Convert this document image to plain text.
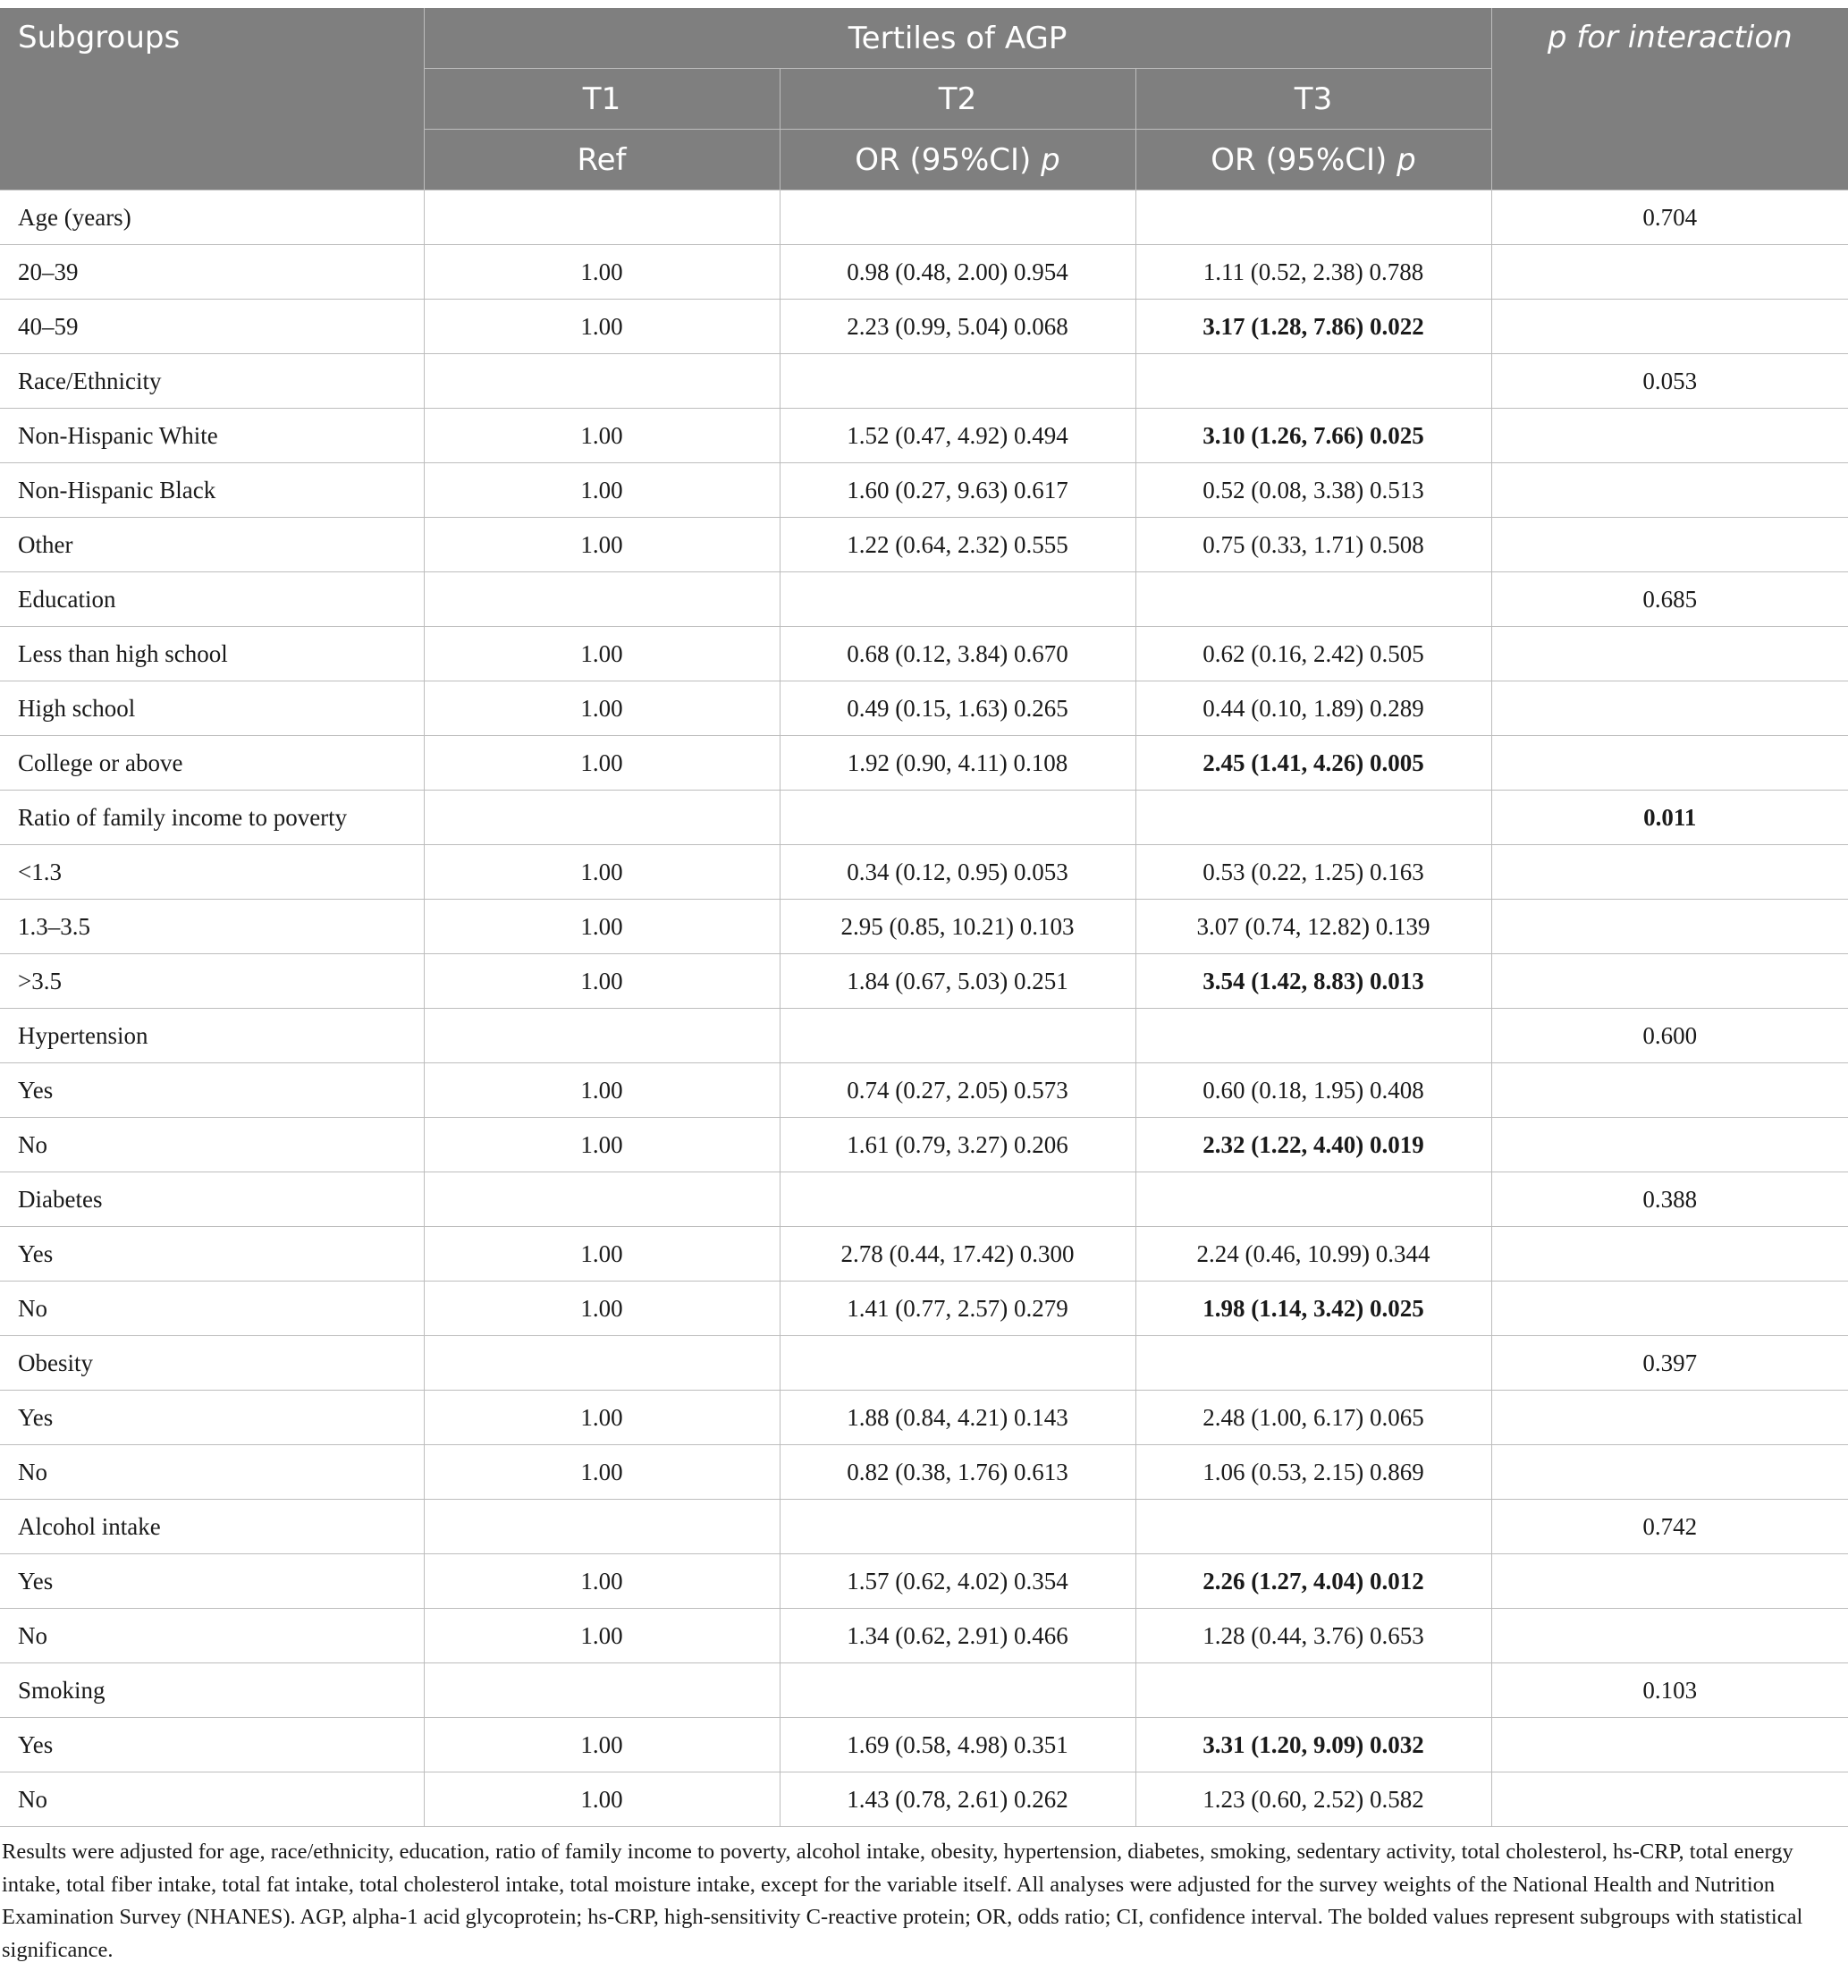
Subgroups	Tertiles of AGP			p for interaction
	T1	T2	T3	
	Ref	OR (95%CI) p	OR (95%CI) p	
Age (years)				0.704
20–39	1.00	0.98 (0.48, 2.00) 0.954	1.11 (0.52, 2.38) 0.788	
40–59	1.00	2.23 (0.99, 5.04) 0.068	3.17 (1.28, 7.86) 0.022	
Race/Ethnicity				0.053
Non-Hispanic White	1.00	1.52 (0.47, 4.92) 0.494	3.10 (1.26, 7.66) 0.025	
Non-Hispanic Black	1.00	1.60 (0.27, 9.63) 0.617	0.52 (0.08, 3.38) 0.513	
Other	1.00	1.22 (0.64, 2.32) 0.555	0.75 (0.33, 1.71) 0.508	
Education				0.685
Less than high school	1.00	0.68 (0.12, 3.84) 0.670	0.62 (0.16, 2.42) 0.505	
High school	1.00	0.49 (0.15, 1.63) 0.265	0.44 (0.10, 1.89) 0.289	
College or above	1.00	1.92 (0.90, 4.11) 0.108	2.45 (1.41, 4.26) 0.005	
Ratio of family income to poverty				0.011
<1.3	1.00	0.34 (0.12, 0.95) 0.053	0.53 (0.22, 1.25) 0.163	
1.3–3.5	1.00	2.95 (0.85, 10.21) 0.103	3.07 (0.74, 12.82) 0.139	
>3.5	1.00	1.84 (0.67, 5.03) 0.251	3.54 (1.42, 8.83) 0.013	
Hypertension				0.600
Yes	1.00	0.74 (0.27, 2.05) 0.573	0.60 (0.18, 1.95) 0.408	
No	1.00	1.61 (0.79, 3.27) 0.206	2.32 (1.22, 4.40) 0.019	
Diabetes				0.388
Yes	1.00	2.78 (0.44, 17.42) 0.300	2.24 (0.46, 10.99) 0.344	
No	1.00	1.41 (0.77, 2.57) 0.279	1.98 (1.14, 3.42) 0.025	
Obesity				0.397
Yes	1.00	1.88 (0.84, 4.21) 0.143	2.48 (1.00, 6.17) 0.065	
No	1.00	0.82 (0.38, 1.76) 0.613	1.06 (0.53, 2.15) 0.869	
Alcohol intake				0.742
Yes	1.00	1.57 (0.62, 4.02) 0.354	2.26 (1.27, 4.04) 0.012	
No	1.00	1.34 (0.62, 2.91) 0.466	1.28 (0.44, 3.76) 0.653	
Smoking				0.103
Yes	1.00	1.69 (0.58, 4.98) 0.351	3.31 (1.20, 9.09) 0.032	
No	1.00	1.43 (0.78, 2.61) 0.262	1.23 (0.60, 2.52) 0.582	

Results were adjusted for age, race/ethnicity, education, ratio of family income to poverty, alcohol intake, obesity, hypertension, diabetes, smoking, sedentary activity, total cholesterol, hs-CRP, total energy intake, total fiber intake, total fat intake, total cholesterol intake, total moisture intake, except for the variable itself. All analyses were adjusted for the survey weights of the National Health and Nutrition Examination Survey (NHANES). AGP, alpha-1 acid glycoprotein; hs-CRP, high-sensitivity C-reactive protein; OR, odds ratio; CI, confidence interval. The bolded values represent subgroups with statistical significance.
